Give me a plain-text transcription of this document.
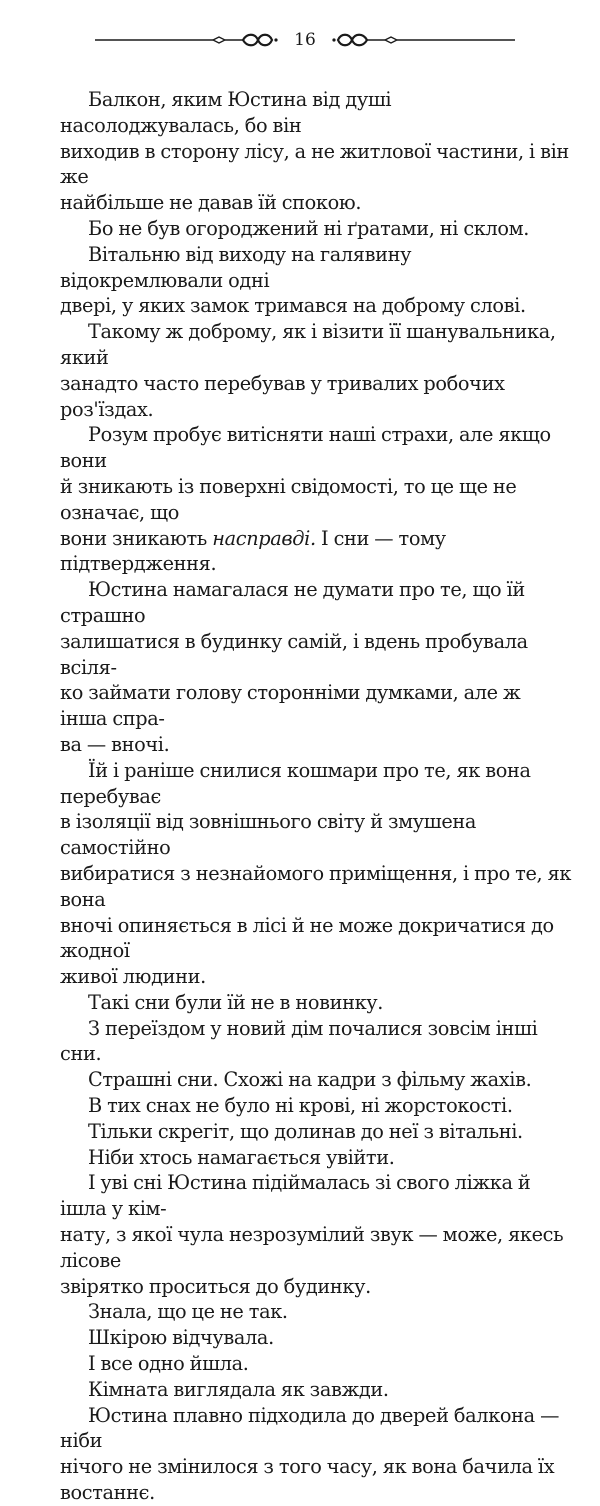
16

Балкон, яким Юстина від душі насолоджувалась, бо він
виходив в сторону лісу, а не житлової частини, і він же
найбільше не давав їй спокою.

Бо не був огороджений ні ґратами, ні склом.

Вітальню від виходу на галявину відокремлювали одні
двері, у яких замок тримався на доброму слові.

Такому ж доброму, як і візити її шанувальника, який
занадто часто перебував у тривалих робочих роз'їздах.

Розум пробує витісняти наші страхи, але якщо вони
й зникають із поверхні свідомості, то це ще не означає, що
вони зникають насправді. І сни — тому підтвердження.

Юстина намагалася не думати про те, що їй страшно
залишатися в будинку самій, і вдень пробувала всіля-
ко займати голову сторонніми думками, але ж інша спра-
ва — вночі.

Їй і раніше снилися кошмари про те, як вона перебуває
в ізоляції від зовнішнього світу й змушена самостійно
вибиратися з незнайомого приміщення, і про те, як вона
вночі опиняється в лісі й не може докричатися до жодної
живої людини.

Такі сни були їй не в новинку.

З переїздом у новий дім почалися зовсім інші сни.

Страшні сни. Схожі на кадри з фільму жахів.

В тих снах не було ні крові, ні жорстокості.

Тільки скрегіт, що долинав до неї з вітальні.

Ніби хтось намагається увійти.

І уві сні Юстина підіймалась зі свого ліжка й ішла у кім-
нату, з якої чула незрозумілий звук — може, якесь лісове
звірятко проситься до будинку.

Знала, що це не так.

Шкірою відчувала.

І все одно йшла.

Кімната виглядала як завжди.

Юстина плавно підходила до дверей балкона — ніби
нічого не змінилося з того часу, як вона бачила їх востаннє.
